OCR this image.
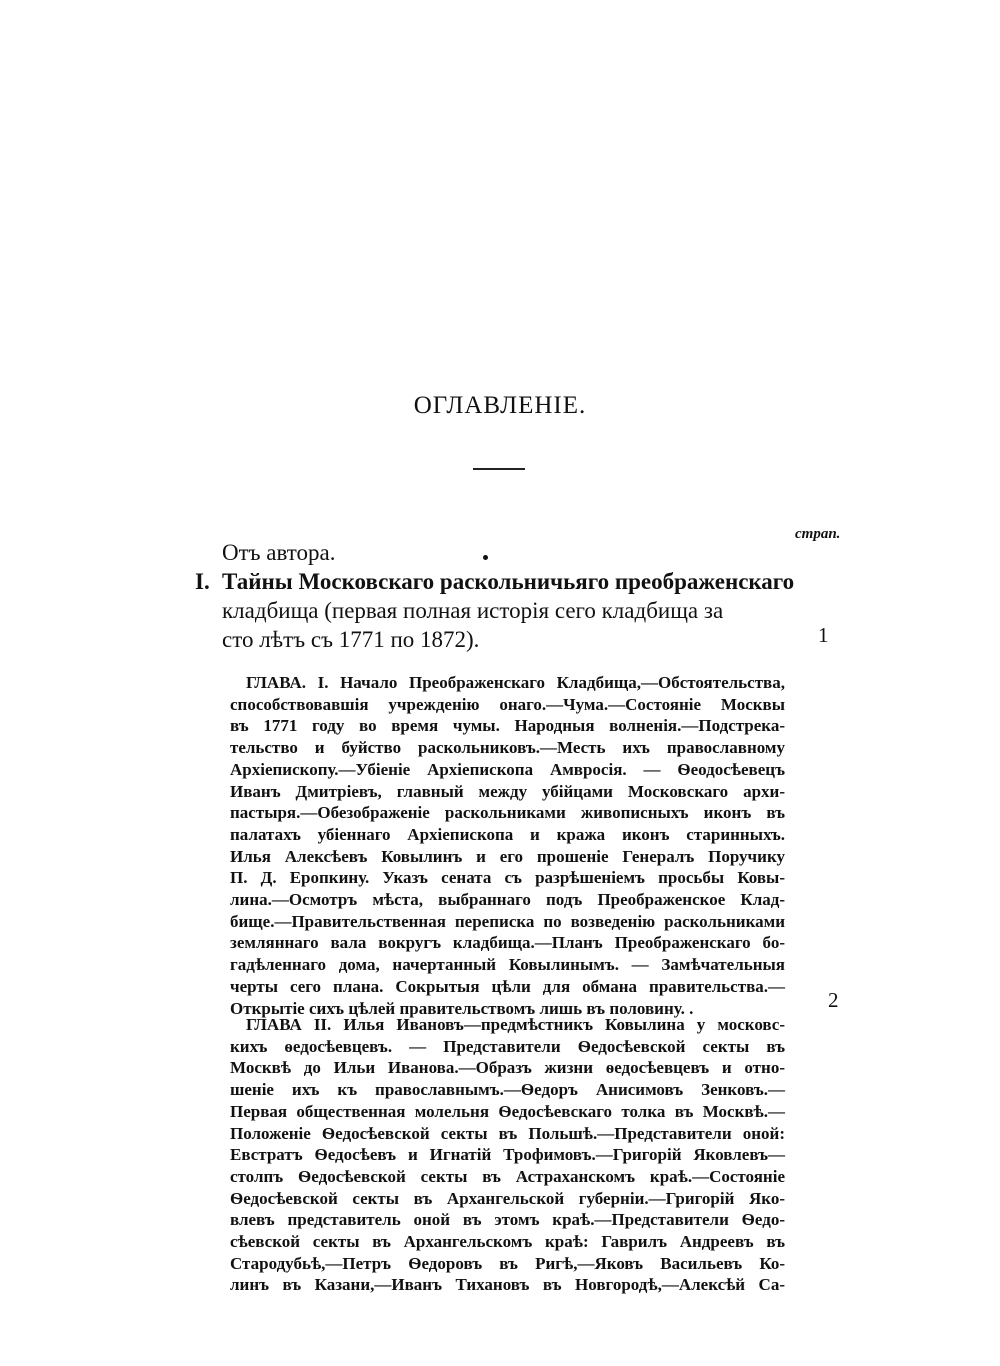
ОГЛАВЛЕНІЕ.
страп.
Отъ автора.
I. Тайны Московскаго раскольничьяго преображенскаго
кладбища (первая полная исторія сего кладбища за
сто лѣтъ съ 1771 по 1872).	1
ГЛАВА. I. Начало Преображенскаго Кладбища,—Обстоятельства,
способствовавшія учрежденію онаго.—Чума.—Состояніе Москвы
въ 1771 году во время чумы. Народныя волненія.—Подстрека-
тельство и буйство раскольниковъ.—Месть ихъ православному
Архіепископу.—Убіеніе Архіепископа Амвросія. — Ѳеодосѣевецъ
Иванъ Дмитріевъ, главный между убійцами Московскаго архи-
пастыря.—Обезображеніе раскольниками живописныхъ иконъ въ
палатахъ убіеннаго Архіепископа и кража иконъ старинныхъ.
Илья Алексѣевъ Ковылинъ и его прошеніе Генералъ Поручику
П. Д. Еропкину. Указъ сената съ разрѣшеніемъ просьбы Ковы-
лина.—Осмотръ мѣста, выбраннаго подъ Преображенское Клад-
бище.—Правительственная переписка по возведенію раскольниками
земляннаго вала вокругъ кладбища.—Планъ Преображенскаго бо-
гадѣленнаго дома, начертанный Ковылинымъ. — Замѣчательныя
черты сего плана. Сокрытыя цѣли для обмана правительства.—
Открытіе сихъ цѣлей правительствомъ лишь въ половину. .	2
ГЛАВА II. Илья Ивановъ—предмѣстникъ Ковылина у московс-
кихъ ѳедосѣевцевъ. — Представители Ѳедосѣевской секты въ
Москвѣ до Ильи Иванова.—Образъ жизни ѳедосѣевцевъ и отно-
шеніе ихъ къ православнымъ.—Ѳедоръ Анисимовъ Зенковъ.—
Первая общественная молельня Ѳедосѣевскаго толка въ Москвѣ.—
Положеніе Ѳедосѣевской секты въ Польшѣ.—Представители оной:
Евстратъ Ѳедосѣевъ и Игнатій Трофимовъ.—Григорій Яковлевъ—
столпъ Ѳедосѣевской секты въ Астраханскомъ краѣ.—Состояніе
Ѳедосѣевской секты въ Архангельской губерніи.—Григорій Яко-
влевъ представитель оной въ этомъ краѣ.—Представители Ѳедо-
сѣевской секты въ Архангельскомъ краѣ: Гаврилъ Андреевъ въ
Стародубьѣ,—Петръ Ѳедоровъ въ Ригѣ,—Яковъ Васильевъ Ко-
линъ въ Казани,—Иванъ Тихановъ въ Новгородѣ,—Алексѣй Са-
